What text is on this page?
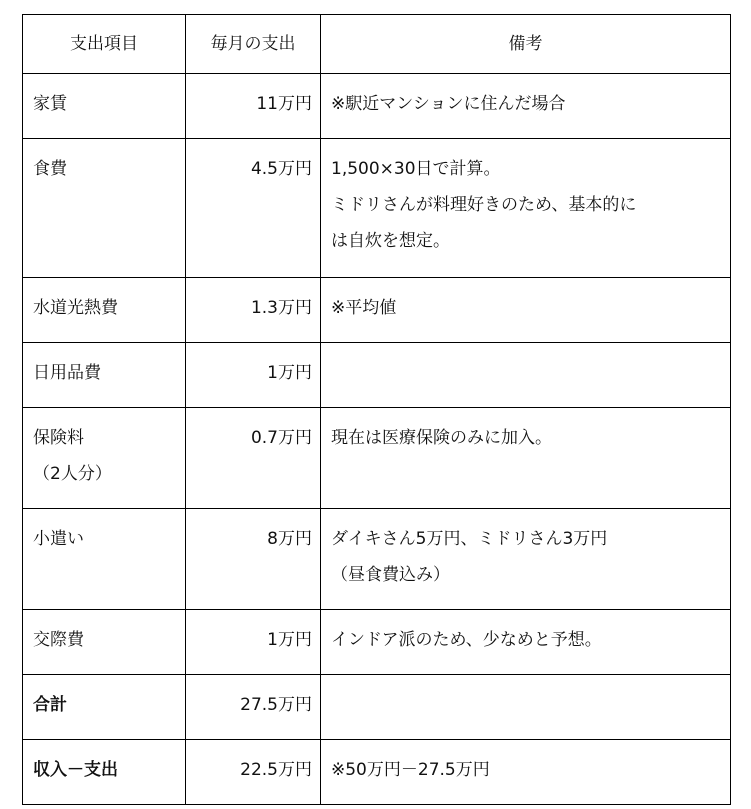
支出項目	毎月の支出	備考
家賃	11万円	※駅近マンションに住んだ場合

食費	4.5万円	1,500×30日で計算。
ミドリさんが料理好きのため、基本的に
は自炊を想定。

水道光熱費	1.3万円	※平均値

日用品費	1万円	

保険料
（2人分）	0.7万円	現在は医療保険のみに加入。

小遣い	8万円	ダイキさん5万円、ミドリさん3万円
（昼食費込み）

交際費	1万円	インドア派のため、少なめと予想。

合計	27.5万円	

収入－支出	22.5万円	※50万円－27.5万円
